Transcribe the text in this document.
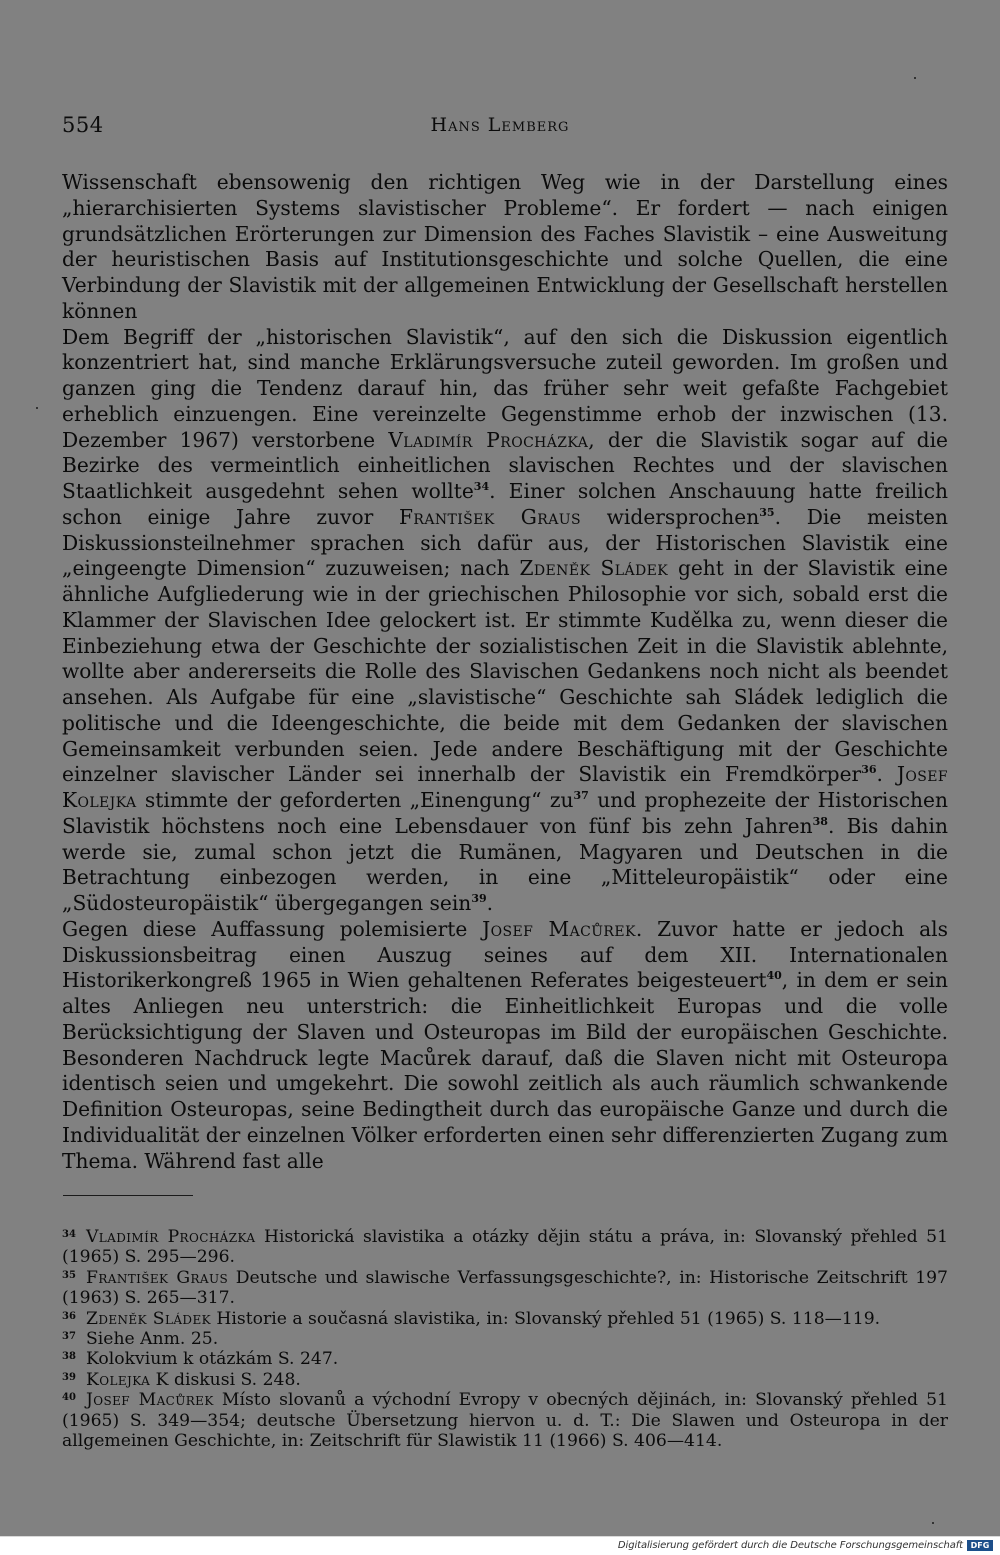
554	Hans Lemberg

Wissenschaft ebensowenig den richtigen Weg wie in der Darstellung eines „hierarchisierten Systems slavistischer Probleme“. Er fordert — nach einigen grundsätzlichen Erörterungen zur Dimension des Faches Slavistik – eine Ausweitung der heuristischen Basis auf Institutionsgeschichte und solche Quellen, die eine Verbindung der Slavistik mit der allgemeinen Entwicklung der Gesellschaft herstellen können

Dem Begriff der „historischen Slavistik“, auf den sich die Diskussion eigentlich konzentriert hat, sind manche Erklärungsversuche zuteil geworden. Im großen und ganzen ging die Tendenz darauf hin, das früher sehr weit gefaßte Fachgebiet erheblich einzuengen. Eine vereinzelte Gegenstimme erhob der inzwischen (13. Dezember 1967) verstorbene Vladimír Procházka, der die Slavistik sogar auf die Bezirke des vermeintlich einheitlichen slavischen Rechtes und der slavischen Staatlichkeit ausgedehnt sehen wollte$^{34}$. Einer solchen Anschauung hatte freilich schon einige Jahre zuvor František Graus widersprochen$^{35}$. Die meisten Diskussionsteilnehmer sprachen sich dafür aus, der Historischen Slavistik eine „eingeengte Dimension“ zuzuweisen; nach Zdeněk Sládek geht in der Slavistik eine ähnliche Aufgliederung wie in der griechischen Philosophie vor sich, sobald erst die Klammer der Slavischen Idee gelockert ist. Er stimmte Kudělka zu, wenn dieser die Einbeziehung etwa der Geschichte der sozialistischen Zeit in die Slavistik ablehnte, wollte aber andererseits die Rolle des Slavischen Gedankens noch nicht als beendet ansehen. Als Aufgabe für eine „slavistische“ Geschichte sah Sládek lediglich die politische und die Ideengeschichte, die beide mit dem Gedanken der slavischen Gemeinsamkeit verbunden seien. Jede andere Beschäftigung mit der Geschichte einzelner slavischer Länder sei innerhalb der Slavistik ein Fremdkörper$^{36}$. Josef Kolejka stimmte der geforderten „Einengung“ $zu^{37}$ und prophezeite der Historischen Slavistik höchstens noch eine Lebensdauer von fünf bis zehn Jahren$^{38}$. Bis dahin werde sie, zumal schon jetzt die Rumänen, Magyaren und Deutschen in die Betrachtung einbezogen werden, in eine „Mitteleuropäistik“ oder eine „Südosteuropäistik“ übergegangen sein$^{39}$.

Gegen diese Auffassung polemisierte Josef Macůrek. Zuvor hatte er jedoch als Diskussionsbeitrag einen Auszug seines auf dem XII. Internationalen Historikerkongreß 1965 in Wien gehaltenen Referates beigesteuert$^{40}$, in dem er sein altes Anliegen neu unterstrich: die Einheitlichkeit Europas und die volle Berücksichtigung der Slaven und Osteuropas im Bild der europäischen Geschichte. Besonderen Nachdruck legte Macůrek darauf, daß die Slaven nicht mit Osteuropa identisch seien und umgekehrt. Die sowohl zeitlich als auch räumlich schwankende Definition Osteuropas, seine Bedingtheit durch das europäische Ganze und durch die Individualität der einzelnen Völker erforderten einen sehr differenzierten Zugang zum Thema. Während fast alle

34 Vladimír Procházka Historická slavistika a otázky dějin státu a práva, in: Slovanský přehled 51 (1965) S. 295—296.
35 František Graus Deutsche und slawische Verfassungsgeschichte?, in: Historische Zeitschrift 197 (1963) S. 265—317.
36 Zdeněk Sládek Historie a současná slavistika, in: Slovanský přehled 51 (1965) S. 118—119.
37 Siehe Anm. 25.
38 Kolokvium k otázkám S. 247.
39 Kolejka K diskusi S. 248.
40 Josef Macůrek Místo slovanů a východní Evropy v obecných dějinách, in: Slovanský přehled 51 (1965) S. 349—354; deutsche Übersetzung hiervon u. d. T.: Die Slawen und Osteuropa in der allgemeinen Geschichte, in: Zeitschrift für Slawistik 11 (1966) S. 406—414.
Digitalisierung gefördert durch die Deutsche Forschungsgemeinschaft DFG
